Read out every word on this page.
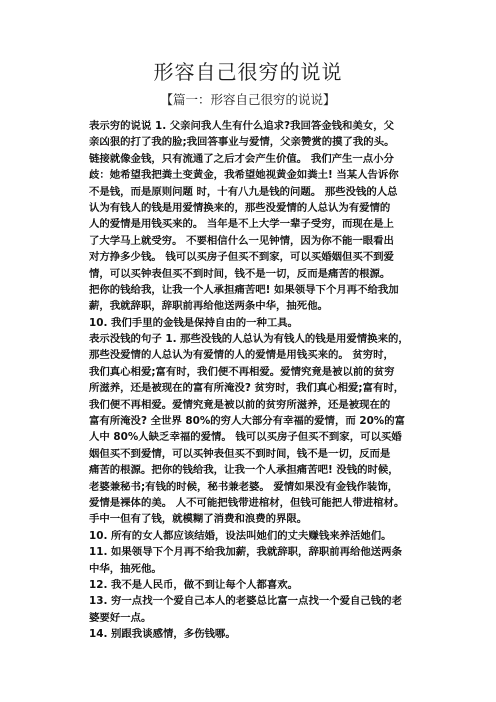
形容自己很穷的说说
【篇一：形容自己很穷的说说】
表示穷的说说 1. 父亲问我人生有什么追求?我回答金钱和美女，父
亲凶狠的打了我的脸;我回答事业与爱情，父亲赞赏的摸了我的头。
链接就像金钱，只有流通了之后才会产生价值。 我们产生一点小分
歧：她希望我把粪土变黄金，我希望她视黄金如粪土! 当某人告诉你
不是钱，而是原则问题 时，十有八九是钱的问题。 那些没钱的人总
认为有钱人的钱是用爱情换来的，那些没爱情的人总认为有爱情的
人的爱情是用钱买来的。 当年是不上大学一辈子受穷，而现在是上
了大学马上就受穷。 不要相信什么一见钟情，因为你不能一眼看出
对方挣多少钱。 钱可以买房子但买不到家，可以买婚姻但买不到爱
情，可以买钟表但买不到时间，钱不是一切，反而是痛苦的根源。
把你的钱给我，让我一个人承担痛苦吧! 如果领导下个月再不给我加
薪，我就辞职，辞职前再给他送两条中华，抽死他。
10. 我们手里的金钱是保持自由的一种工具。
表示没钱的句子 1. 那些没钱的人总认为有钱人的钱是用爱情换来的，
那些没爱情的人总认为有爱情的人的爱情是用钱买来的。 贫穷时，
我们真心相爱;富有时，我们便不再相爱。爱情究竟是被以前的贫穷
所滋养，还是被现在的富有所淹没? 贫穷时，我们真心相爱;富有时，
我们便不再相爱。爱情究竟是被以前的贫穷所滋养，还是被现在的
富有所淹没? 全世界 80%的穷人大部分有幸福的爱情，而 20%的富
人中 80%人缺乏幸福的爱情。 钱可以买房子但买不到家，可以买婚
姻但买不到爱情，可以买钟表但买不到时间，钱不是一切，反而是
痛苦的根源。把你的钱给我，让我一个人承担痛苦吧! 没钱的时候，
老婆兼秘书;有钱的时候，秘书兼老婆。 爱情如果没有金钱作装饰，
爱情是裸体的美。 人不可能把钱带进棺材，但钱可能把人带进棺材。
手中一但有了钱，就模糊了消费和浪费的界限。
10. 所有的女人都应该结婚，设法叫她们的丈夫赚钱来养活她们。
11. 如果领导下个月再不给我加薪，我就辞职，辞职前再给他送两条
中华，抽死他。
12. 我不是人民币，做不到让每个人都喜欢。
13. 穷一点找一个爱自己本人的老婆总比富一点找一个爱自己钱的老
婆要好一点。
14. 别跟我谈感情，多伤钱哪。
